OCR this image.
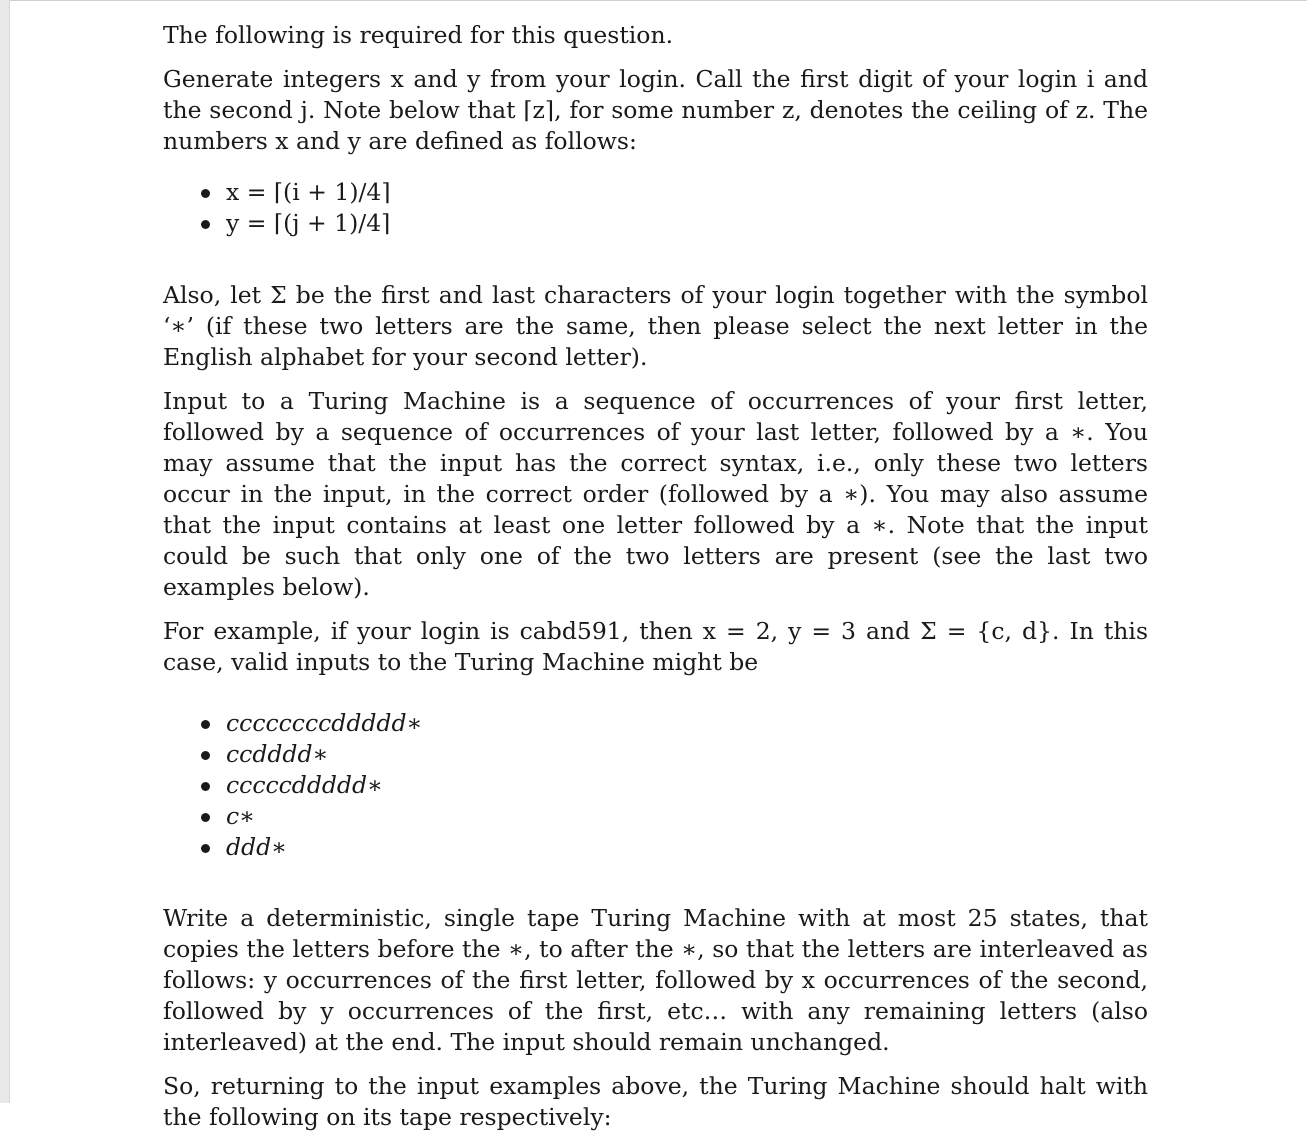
The following is required for this question.

Generate integers x and y from your login. Call the first digit of your login i and the second j. Note below that ⌈z⌉, for some number z, denotes the ceiling of z. The numbers x and y are defined as follows:

x = ⌈(i + 1)/4⌉
y = ⌈(j + 1)/4⌉

Also, let Σ be the first and last characters of your login together with the symbol ‘∗’ (if these two letters are the same, then please select the next letter in the English alphabet for your second letter).

Input to a Turing Machine is a sequence of occurrences of your first letter, followed by a sequence of occurrences of your last letter, followed by a ∗. You may assume that the input has the correct syntax, i.e., only these two letters occur in the input, in the correct order (followed by a ∗). You may also assume that the input contains at least one letter followed by a ∗. Note that the input could be such that only one of the two letters are present (see the last two examples below).

For example, if your login is cabd591, then x = 2, y = 3 and Σ = {c, d}. In this case, valid inputs to the Turing Machine might be

ccccccccddddd∗
ccdddd∗
cccccddddd∗
c∗
ddd∗

Write a deterministic, single tape Turing Machine with at most 25 states, that copies the letters before the ∗, to after the ∗, so that the letters are interleaved as follows: y occurrences of the first letter, followed by x occurrences of the second, followed by y occurrences of the first, etc… with any remaining letters (also interleaved) at the end. The input should remain unchanged.

So, returning to the input examples above, the Turing Machine should halt with the following on its tape respectively:
